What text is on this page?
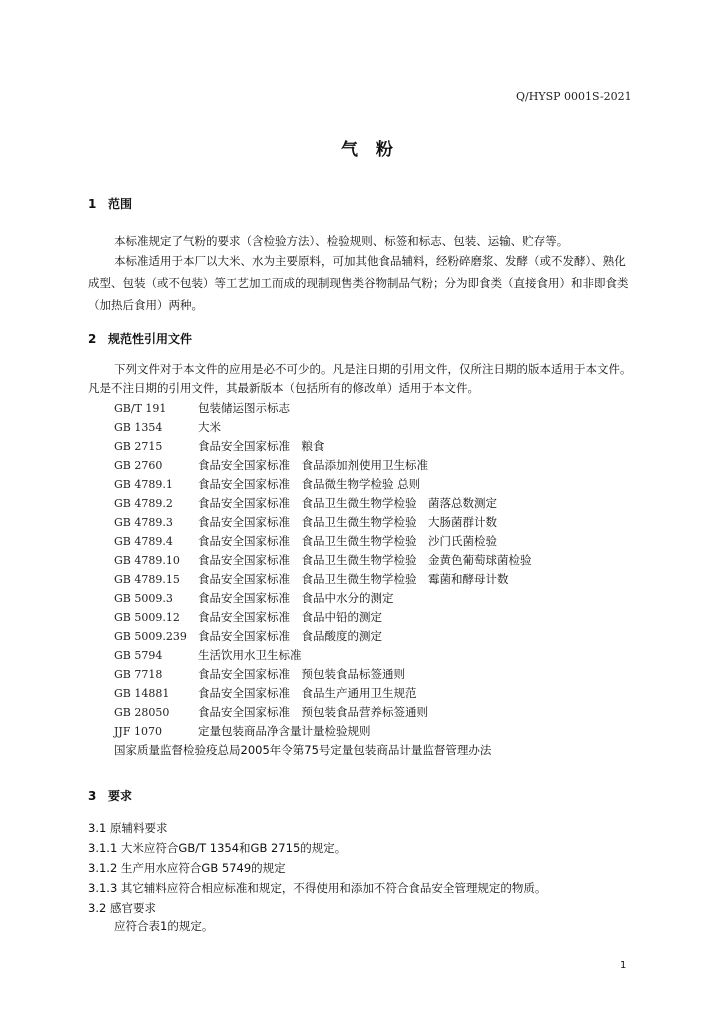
Q/HYSP 0001S-2021
气 粉
1 范围
本标准规定了气粉的要求（含检验方法）、检验规则、标签和标志、包装、运输、贮存等。
本标准适用于本厂以大米、水为主要原料，可加其他食品辅料，经粉碎磨浆、发酵（或不发酵）、熟化成型、包装（或不包装）等工艺加工而成的现制现售类谷物制品气粉；分为即食类（直接食用）和非即食类（加热后食用）两种。
2 规范性引用文件
下列文件对于本文件的应用是必不可少的。凡是注日期的引用文件，仅所注日期的版本适用于本文件。凡是不注日期的引用文件，其最新版本（包括所有的修改单）适用于本文件。
GB/T 191	包装储运图示标志
GB 1354	大米
GB 2715	食品安全国家标准　粮食
GB 2760	食品安全国家标准　食品添加剂使用卫生标准
GB 4789.1 食品安全国家标准　食品微生物学检验 总则
GB 4789.2 食品安全国家标准　食品卫生微生物学检验　菌落总数测定
GB 4789.3 食品安全国家标准　食品卫生微生物学检验　大肠菌群计数
GB 4789.4 食品安全国家标准　食品卫生微生物学检验　沙门氏菌检验
GB 4789.10 食品安全国家标准　食品卫生微生物学检验　金黄色葡萄球菌检验
GB 4789.15 食品安全国家标准　食品卫生微生物学检验　霉菌和酵母计数
GB 5009.3 食品安全国家标准　食品中水分的测定
GB 5009.12 食品安全国家标准　食品中铅的测定
GB 5009.239 食品安全国家标准　食品酸度的测定
GB 5794	生活饮用水卫生标准
GB 7718	食品安全国家标准　预包装食品标签通则
GB 14881 食品安全国家标准　食品生产通用卫生规范
GB 28050 食品安全国家标准　预包装食品营养标签通则
JJF 1070	定量包装商品净含量计量检验规则
国家质量监督检验疫总局2005年令第75号定量包装商品计量监督管理办法
3 要求
3.1 原辅料要求
3.1.1 大米应符合GB/T 1354和GB 2715的规定。
3.1.2 生产用水应符合GB 5749的规定
3.1.3 其它辅料应符合相应标准和规定，不得使用和添加不符合食品安全管理规定的物质。
3.2 感官要求
应符合表1的规定。
1
